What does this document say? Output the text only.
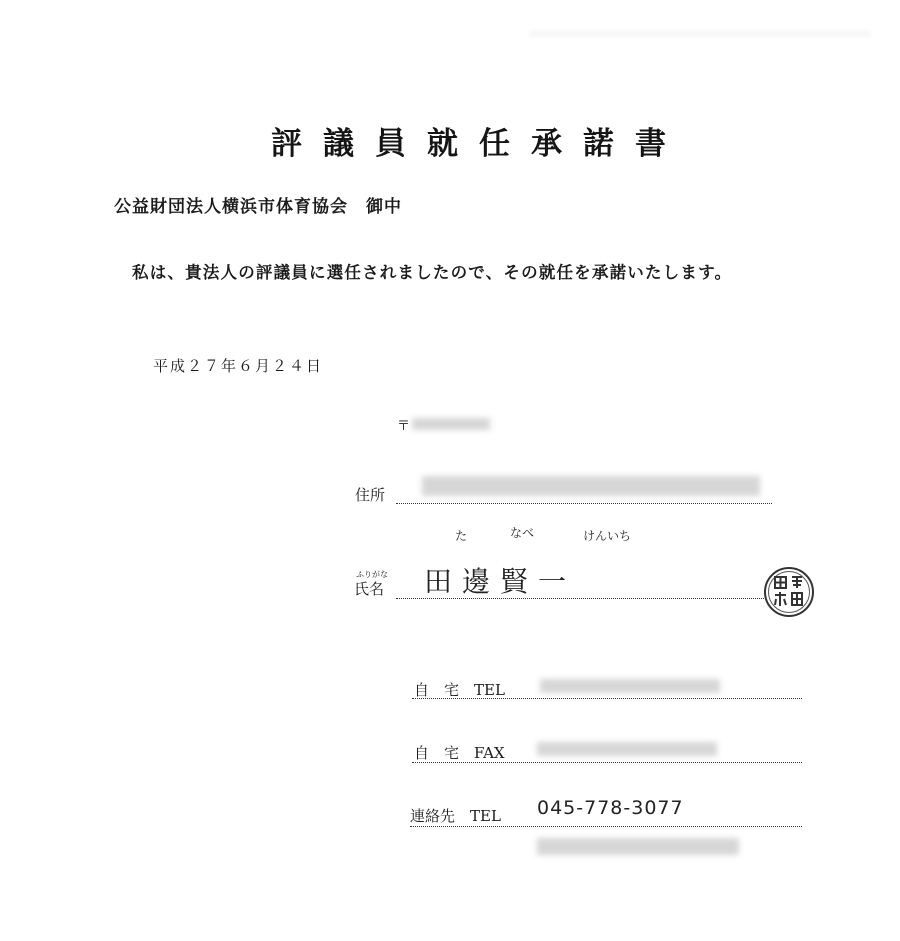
評議員就任承諾書
公益財団法人横浜市体育協会　御中
私は、貴法人の評議員に選任されましたので、その就任を承諾いたします。
平成２７年６月２４日
〒
住所
た	なべ	けんいち
ふりがな
氏名 田邊賢一
自　宅　TEL
自　宅　FAX
連絡先　TEL 045-778-3077
